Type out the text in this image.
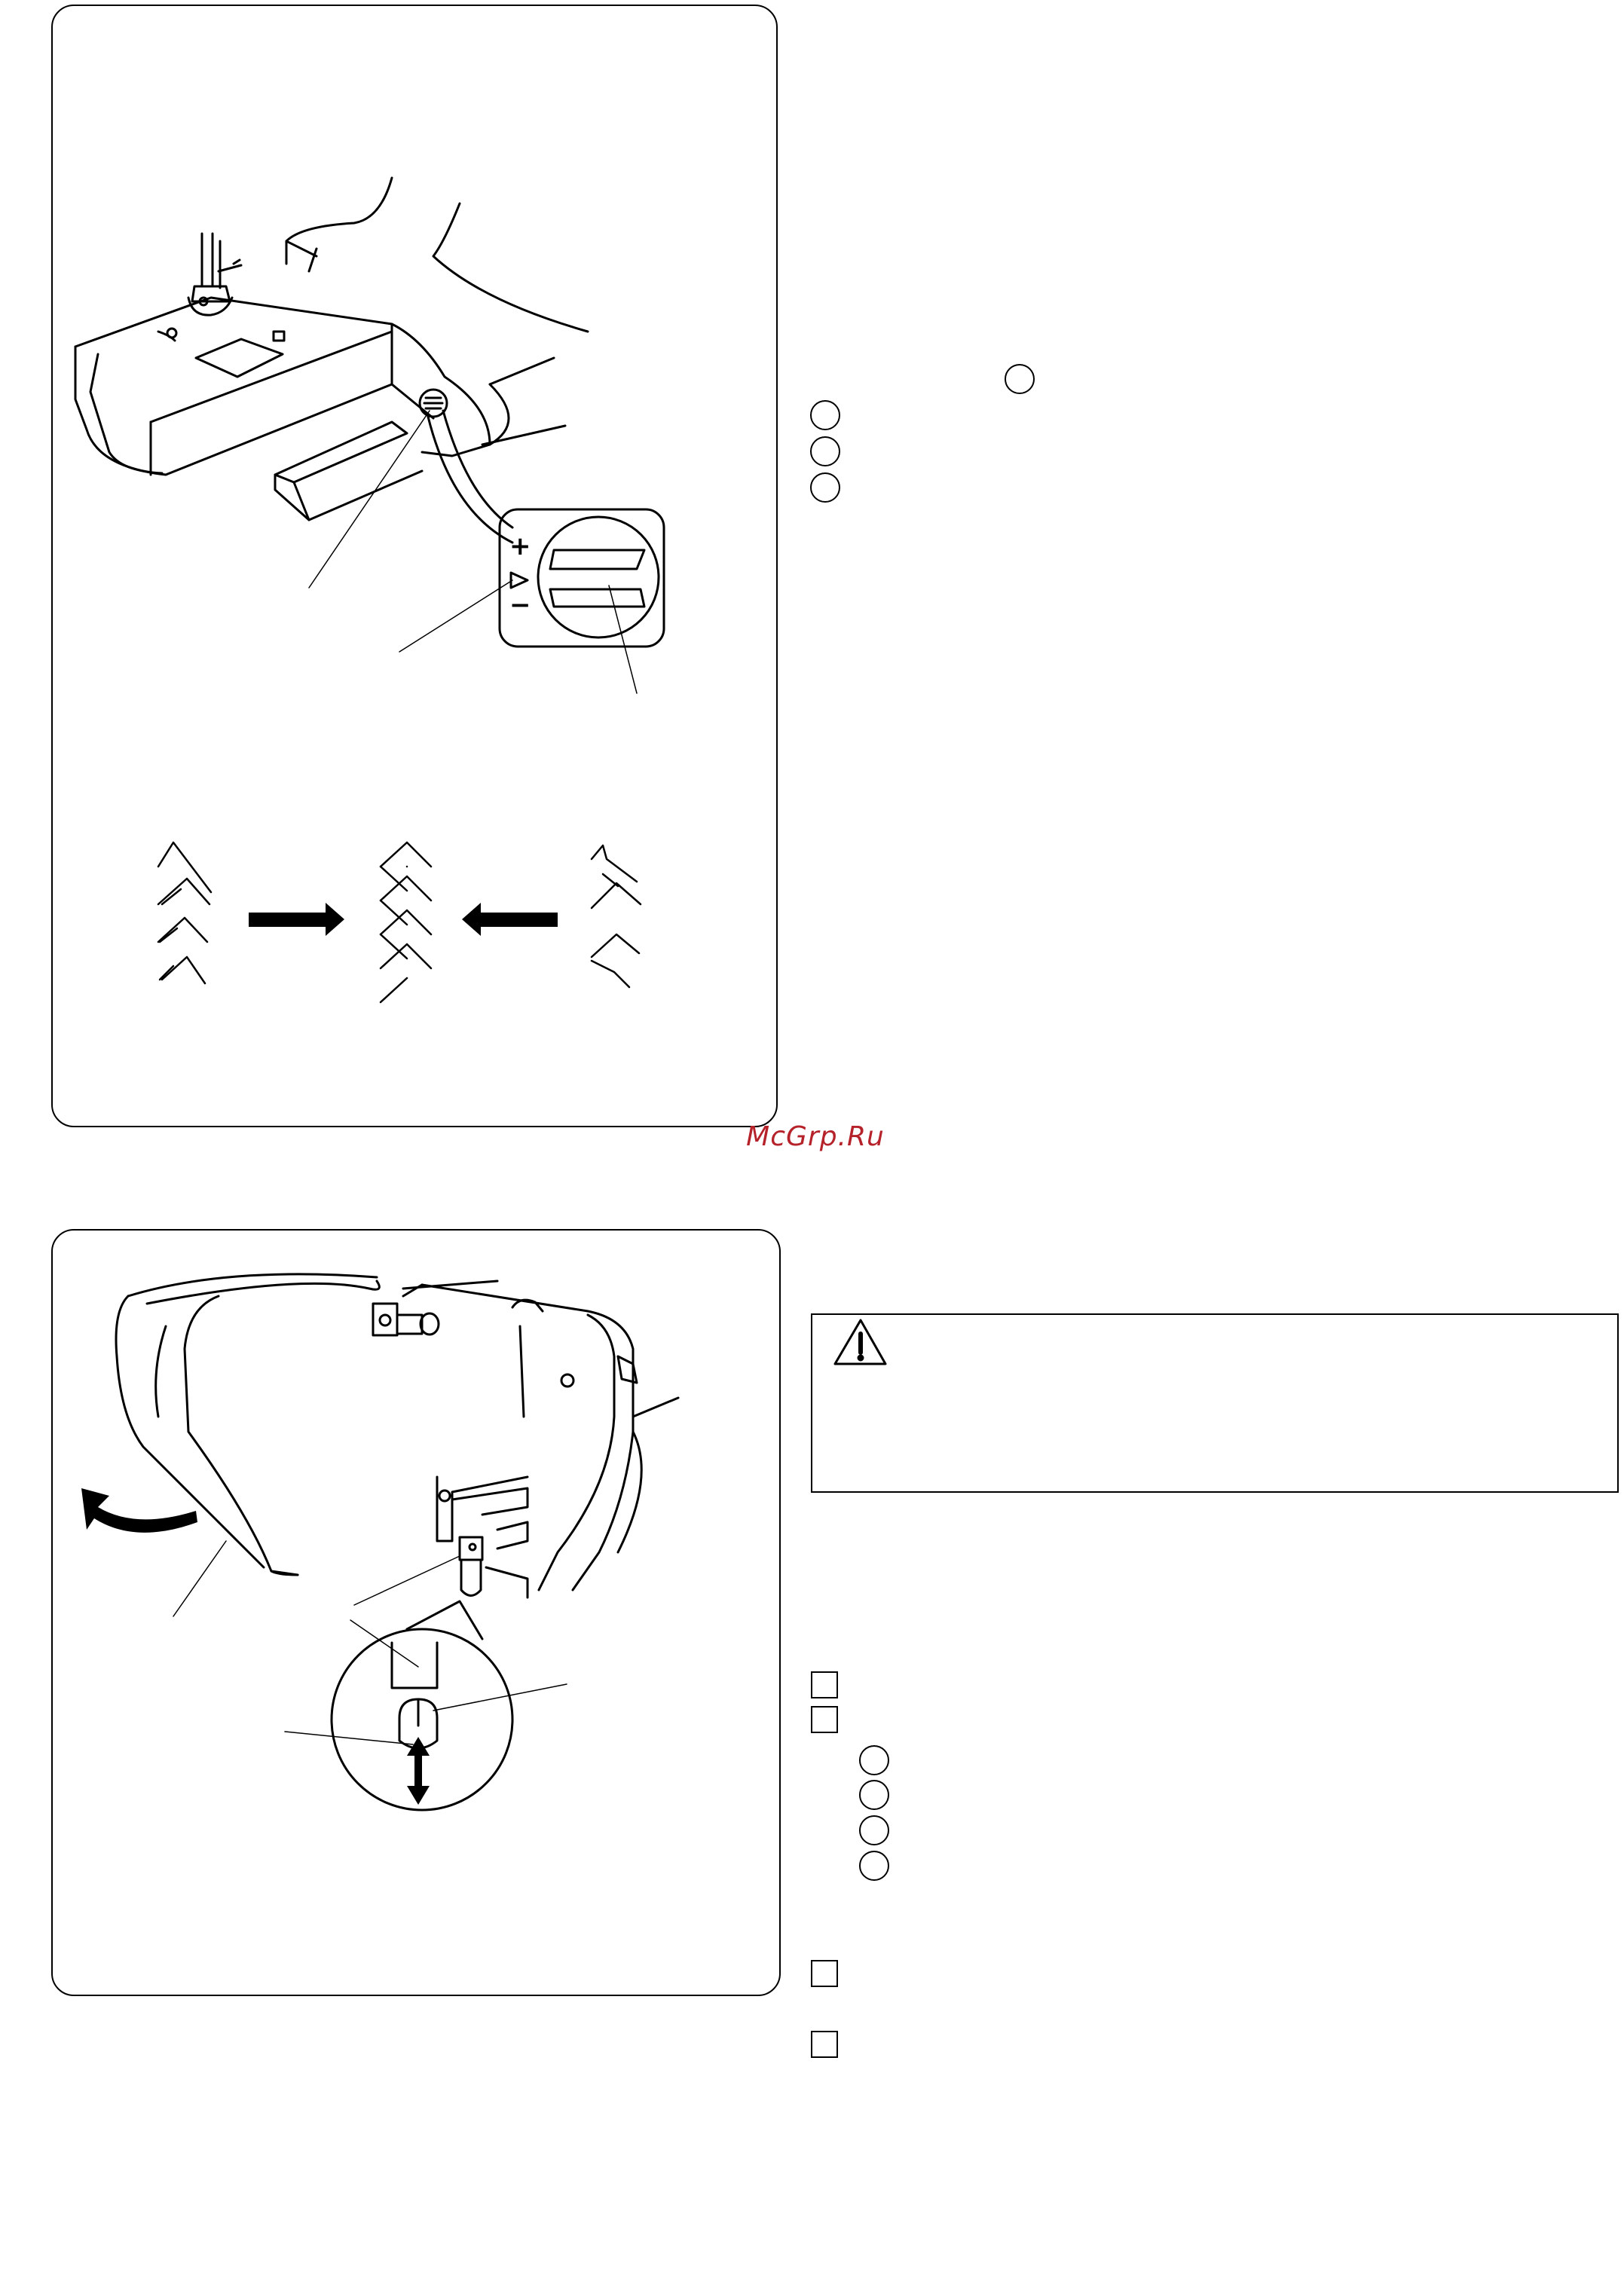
+
−
McGrp.Ru
